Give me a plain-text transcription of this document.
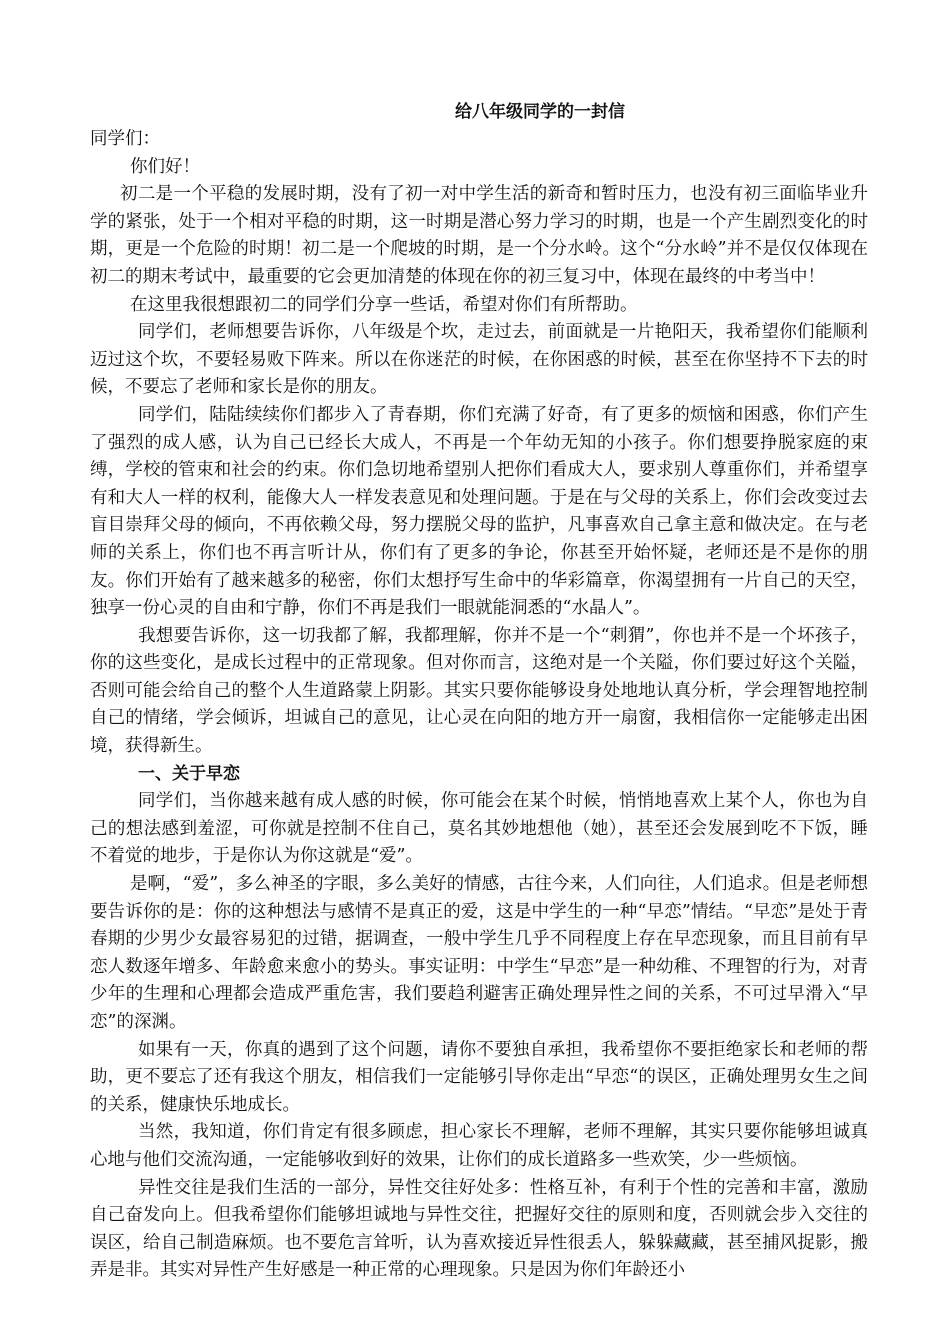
给八年级同学的一封信

同学们：

你们好！

初二是一个平稳的发展时期，没有了初一对中学生活的新奇和暂时压力，也没有初三面临毕业升学的紧张，处于一个相对平稳的时期，这一时期是潜心努力学习的时期，也是一个产生剧烈变化的时期，更是一个危险的时期！初二是一个爬坡的时期，是一个分水岭。这个“分水岭”并不是仅仅体现在初二的期末考试中，最重要的它会更加清楚的体现在你的初三复习中，体现在最终的中考当中！

在这里我很想跟初二的同学们分享一些话，希望对你们有所帮助。

同学们，老师想要告诉你，八年级是个坎，走过去，前面就是一片艳阳天，我希望你们能顺利迈过这个坎，不要轻易败下阵来。所以在你迷茫的时候，在你困惑的时候，甚至在你坚持不下去的时候，不要忘了老师和家长是你的朋友。

同学们，陆陆续续你们都步入了青春期，你们充满了好奇，有了更多的烦恼和困惑，你们产生了强烈的成人感，认为自己已经长大成人，不再是一个年幼无知的小孩子。你们想要挣脱家庭的束缚，学校的管束和社会的约束。你们急切地希望别人把你们看成大人，要求别人尊重你们，并希望享有和大人一样的权利，能像大人一样发表意见和处理问题。于是在与父母的关系上，你们会改变过去盲目崇拜父母的倾向，不再依赖父母，努力摆脱父母的监护，凡事喜欢自己拿主意和做决定。在与老师的关系上，你们也不再言听计从，你们有了更多的争论，你甚至开始怀疑，老师还是不是你的朋友。你们开始有了越来越多的秘密，你们太想抒写生命中的华彩篇章，你渴望拥有一片自己的天空，独享一份心灵的自由和宁静，你们不再是我们一眼就能洞悉的“水晶人”。

我想要告诉你，这一切我都了解，我都理解，你并不是一个“刺猬”，你也并不是一个坏孩子，你的这些变化，是成长过程中的正常现象。但对你而言，这绝对是一个关隘，你们要过好这个关隘，否则可能会给自己的整个人生道路蒙上阴影。其实只要你能够设身处地地认真分析，学会理智地控制自己的情绪，学会倾诉，坦诚自己的意见，让心灵在向阳的地方开一扇窗，我相信你一定能够走出困境，获得新生。

一、关于早恋

同学们，当你越来越有成人感的时候，你可能会在某个时候，悄悄地喜欢上某个人，你也为自己的想法感到羞涩，可你就是控制不住自己，莫名其妙地想他（她），甚至还会发展到吃不下饭，睡不着觉的地步，于是你认为你这就是“爱”。

是啊，“爱”，多么神圣的字眼，多么美好的情感，古往今来，人们向往，人们追求。但是老师想要告诉你的是：你的这种想法与感情不是真正的爱，这是中学生的一种“早恋”情结。“早恋”是处于青春期的少男少女最容易犯的过错，据调查，一般中学生几乎不同程度上存在早恋现象，而且目前有早恋人数逐年增多、年龄愈来愈小的势头。事实证明：中学生“早恋”是一种幼稚、不理智的行为，对青少年的生理和心理都会造成严重危害，我们要趋利避害正确处理异性之间的关系，不可过早滑入“早恋”的深渊。

如果有一天，你真的遇到了这个问题，请你不要独自承担，我希望你不要拒绝家长和老师的帮助，更不要忘了还有我这个朋友，相信我们一定能够引导你走出“早恋“的误区，正确处理男女生之间的关系，健康快乐地成长。

当然，我知道，你们肯定有很多顾虑，担心家长不理解，老师不理解，其实只要你能够坦诚真心地与他们交流沟通，一定能够收到好的效果，让你们的成长道路多一些欢笑，少一些烦恼。

异性交往是我们生活的一部分，异性交往好处多：性格互补，有利于个性的完善和丰富，激励自己奋发向上。但我希望你们能够坦诚地与异性交往，把握好交往的原则和度，否则就会步入交往的误区，给自己制造麻烦。也不要危言耸听，认为喜欢接近异性很丢人，躲躲藏藏，甚至捕风捉影，搬弄是非。其实对异性产生好感是一种正常的心理现象。只是因为你们年龄还小
